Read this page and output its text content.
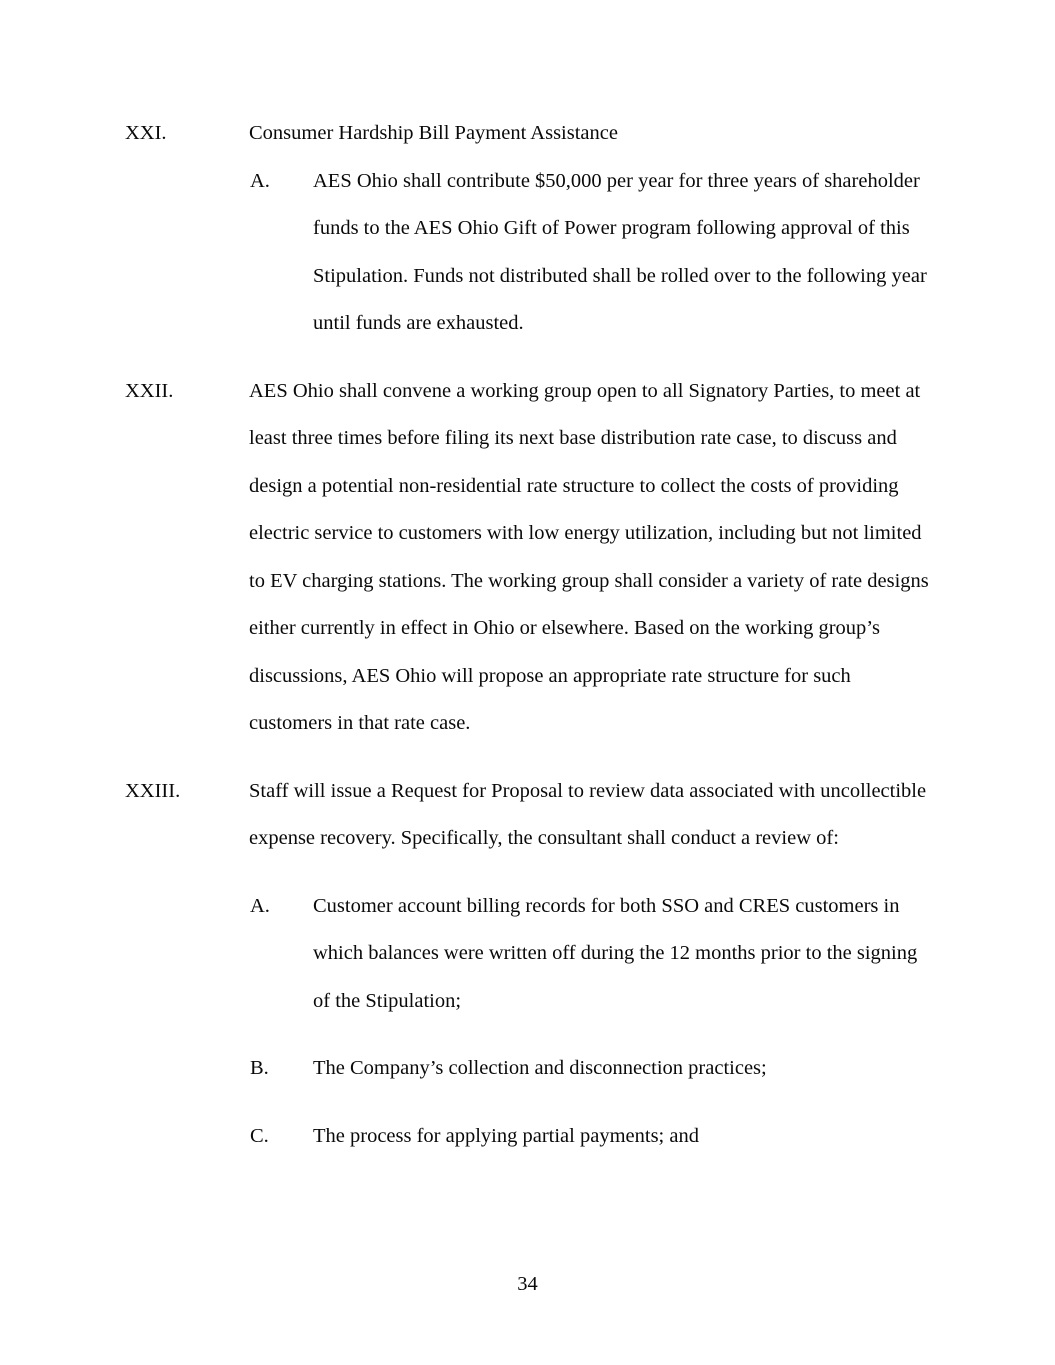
XXI.	Consumer Hardship Bill Payment Assistance

A. AES Ohio shall contribute $50,000 per year for three years of shareholder funds to the AES Ohio Gift of Power program following approval of this Stipulation. Funds not distributed shall be rolled over to the following year until funds are exhausted.

XXII.	AES Ohio shall convene a working group open to all Signatory Parties, to meet at least three times before filing its next base distribution rate case, to discuss and design a potential non-residential rate structure to collect the costs of providing electric service to customers with low energy utilization, including but not limited to EV charging stations. The working group shall consider a variety of rate designs either currently in effect in Ohio or elsewhere. Based on the working group’s discussions, AES Ohio will propose an appropriate rate structure for such customers in that rate case.

XXIII.	Staff will issue a Request for Proposal to review data associated with uncollectible expense recovery. Specifically, the consultant shall conduct a review of:

A. Customer account billing records for both SSO and CRES customers in which balances were written off during the 12 months prior to the signing of the Stipulation;

B. The Company’s collection and disconnection practices;

C. The process for applying partial payments; and

34
